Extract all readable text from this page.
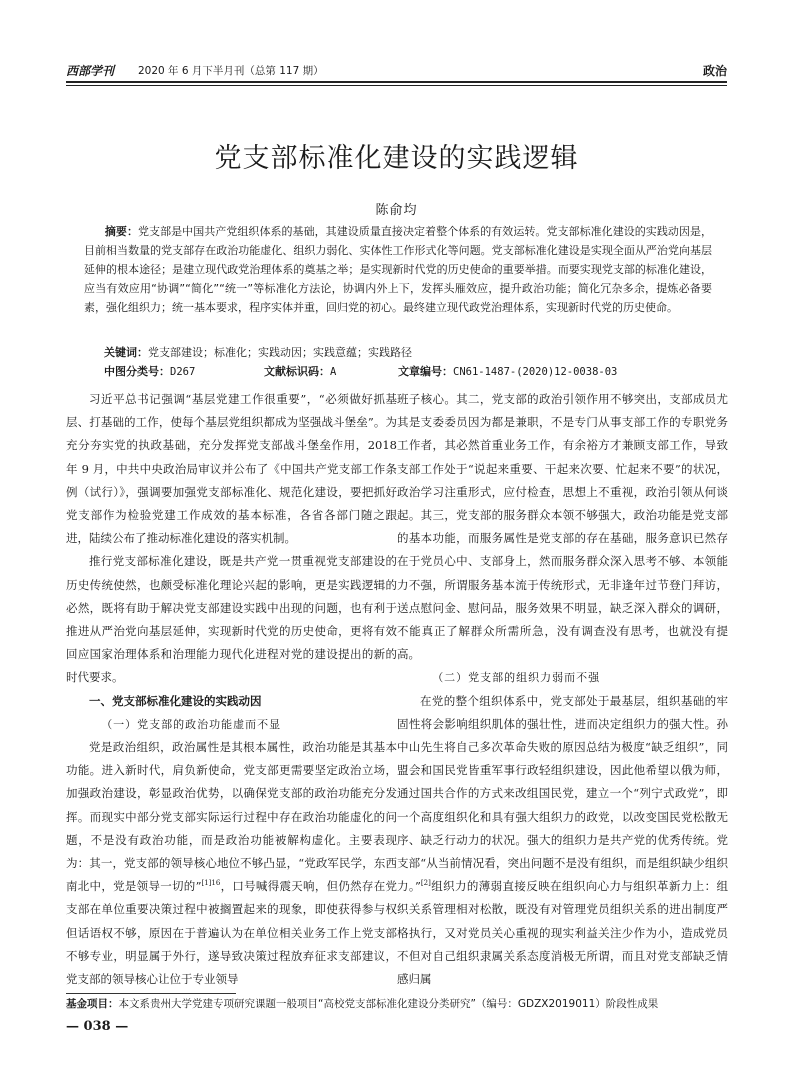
西部学刊 2020 年 6 月下半月刊（总第 117 期）	政治
党支部标准化建设的实践逻辑
陈俞均
摘要：党支部是中国共产党组织体系的基础，其建设质量直接决定着整个体系的有效运转。党支部标准化建设的实践动因是，目前相当数量的党支部存在政治功能虚化、组织力弱化、实体性工作形式化等问题。党支部标准化建设是实现全面从严治党向基层延伸的根本途径；是建立现代政党治理体系的奠基之举；是实现新时代党的历史使命的重要举措。而要实现党支部的标准化建设，应当有效应用“协调”“简化”“统一”等标准化方法论，协调内外上下，发挥头雁效应，提升政治功能；简化冗杂多余，提炼必备要素，强化组织力；统一基本要求，程序实体并重，回归党的初心。最终建立现代政党治理体系，实现新时代党的历史使命。
关键词：党支部建设；标准化；实践动因；实践意蕴；实践路径
中图分类号：D267	文献标识码：A	文章编号：CN61-1487-(2020)12-0038-03

习近平总书记强调“基层党建工作很重要”，“必须做好抓基层、打基础的工作，使每个基层党组织都成为坚强战斗堡垒”。为充分夯实党的执政基础，充分发挥党支部战斗堡垒作用，2018 年 9 月，中共中央政治局审议并公布了《中国共产党支部工作条例（试行）》，强调要加强党支部标准化、规范化建设，要把抓好党支部作为检验党建工作成效的基本标准，各省各部门随之跟进，陆续公布了推动标准化建设的落实机制。

推行党支部标准化建设，既是共产党一贯重视党支部建设的历史传统使然，也颇受标准化理论兴起的影响，更是实践逻辑的必然，既将有助于解决党支部建设实践中出现的问题，也有利于推进从严治党向基层延伸，实现新时代党的历史使命，更将有效回应国家治理体系和治理能力现代化进程对党的建设提出的新的时代要求。

一、党支部标准化建设的实践动因
（一）党支部的政治功能虚而不显

党是政治组织，政治属性是其根本属性，政治功能是其基本功能。进入新时代，肩负新使命，党支部更需要坚定政治立场，加强政治建设，彰显政治优势，以确保党支部的政治功能充分发挥。而现实中部分党支部实际运行过程中存在政治功能虚化的问题，不是没有政治功能，而是政治功能被解构虚化。主要表现为：其一，党支部的领导核心地位不够凸显，“党政军民学，东西南北中，党是领导一切的”$^{[1]16}$，口号喊得震天响，但仍然存在党支部在单位重要决策过程中被搁置起来的现象，即使获得参与权但话语权不够，原因在于普遍认为在单位相关业务工作上党支部不够专业，明显属于外行，遂导致决策过程放弃征求支部建议，党支部的领导核心让位于专业领导

班子核心。其二，党支部的政治引领作用不够突出，支部成员尤其是支委委员因为都是兼职，不是专门从事支部工作的专职党务工作者，其必然首重业务工作，有余裕方才兼顾支部工作，导致支部工作处于“说起来重要、干起来次要、忙起来不要”的状况，政治学习注重形式，应付检查，思想上不重视，政治引领从何谈起。其三，党支部的服务群众本领不够强大，政治功能是党支部的基本功能，而服务属性是党支部的存在基础，服务意识已然存在于党员心中、支部身上，然而服务群众深入思考不够、本领能力不强，所谓服务基本流于传统形式，无非逢年过节登门拜访，送点慰问金、慰问品，服务效果不明显，缺乏深入群众的调研，不能真正了解群众所需所急，没有调查没有思考，也就没有提高。

（二）党支部的组织力弱而不强

在党的整个组织体系中，党支部处于最基层，组织基础的牢固性将会影响组织肌体的强壮性，进而决定组织力的强大性。孙中山先生将自己多次革命失败的原因总结为极度“缺乏组织”，同盟会和国民党皆重军事行政轻组织建设，因此他希望以俄为师，通过国共合作的方式来改组国民党，建立一个“列宁式政党”，即一个高度组织化和具有强大组织力的政党，以改变国民党松散无序、缺乏行动力的状况。强大的组织力是共产党的优秀传统。党支部“从当前情况看，突出问题不是没有组织，而是组织缺少组织力。”[2]组织力的薄弱直接反映在组织向心力与组织革新力上：组织关系管理相对松散，既没有对管理党员组织关系的进出制度严格执行，又对党员关心重视的现实利益关注少作为小，造成党员不但对自己组织隶属关系态度消极无所谓，而且对党支部缺乏情感归属

基金项目：本文系贵州大学党建专项研究课题一般项目“高校党支部标准化建设分类研究”（编号：GDZX2019011）阶段性成果
— 038 —
